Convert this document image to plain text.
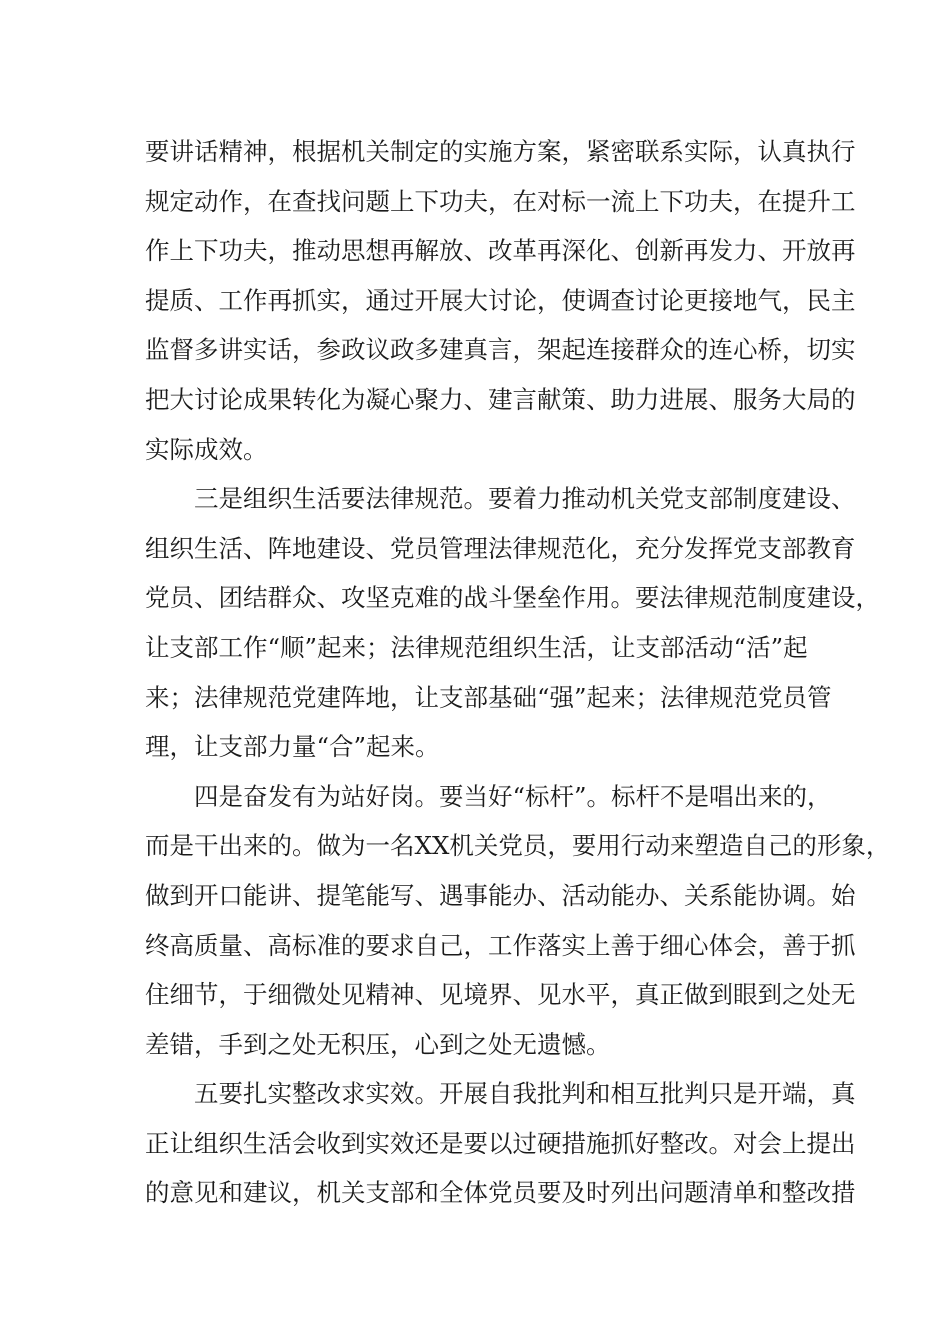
要讲话精神，根据机关制定的实施方案，紧密联系实际，认真执行
规定动作，在查找问题上下功夫，在对标一流上下功夫，在提升工
作上下功夫，推动思想再解放、改革再深化、创新再发力、开放再
提质、工作再抓实，通过开展大讨论，使调查讨论更接地气，民主
监督多讲实话，参政议政多建真言，架起连接群众的连心桥，切实
把大讨论成果转化为凝心聚力、建言献策、助力进展、服务大局的
实际成效。
　　三是组织生活要法律规范。要着力推动机关党支部制度建设、
组织生活、阵地建设、党员管理法律规范化，充分发挥党支部教育
党员、团结群众、攻坚克难的战斗堡垒作用。要法律规范制度建设，
让支部工作“顺”起来；法律规范组织生活，让支部活动“活”起
来；法律规范党建阵地，让支部基础“强”起来；法律规范党员管
理，让支部力量“合”起来。
　　四是奋发有为站好岗。要当好“标杆”。标杆不是唱出来的，
而是干出来的。做为一名XX机关党员，要用行动来塑造自己的形象，
做到开口能讲、提笔能写、遇事能办、活动能办、关系能协调。始
终高质量、高标准的要求自己，工作落实上善于细心体会，善于抓
住细节，于细微处见精神、见境界、见水平，真正做到眼到之处无
差错，手到之处无积压，心到之处无遗憾。
　　五要扎实整改求实效。开展自我批判和相互批判只是开端，真
正让组织生活会收到实效还是要以过硬措施抓好整改。对会上提出
的意见和建议，机关支部和全体党员要及时列出问题清单和整改措
